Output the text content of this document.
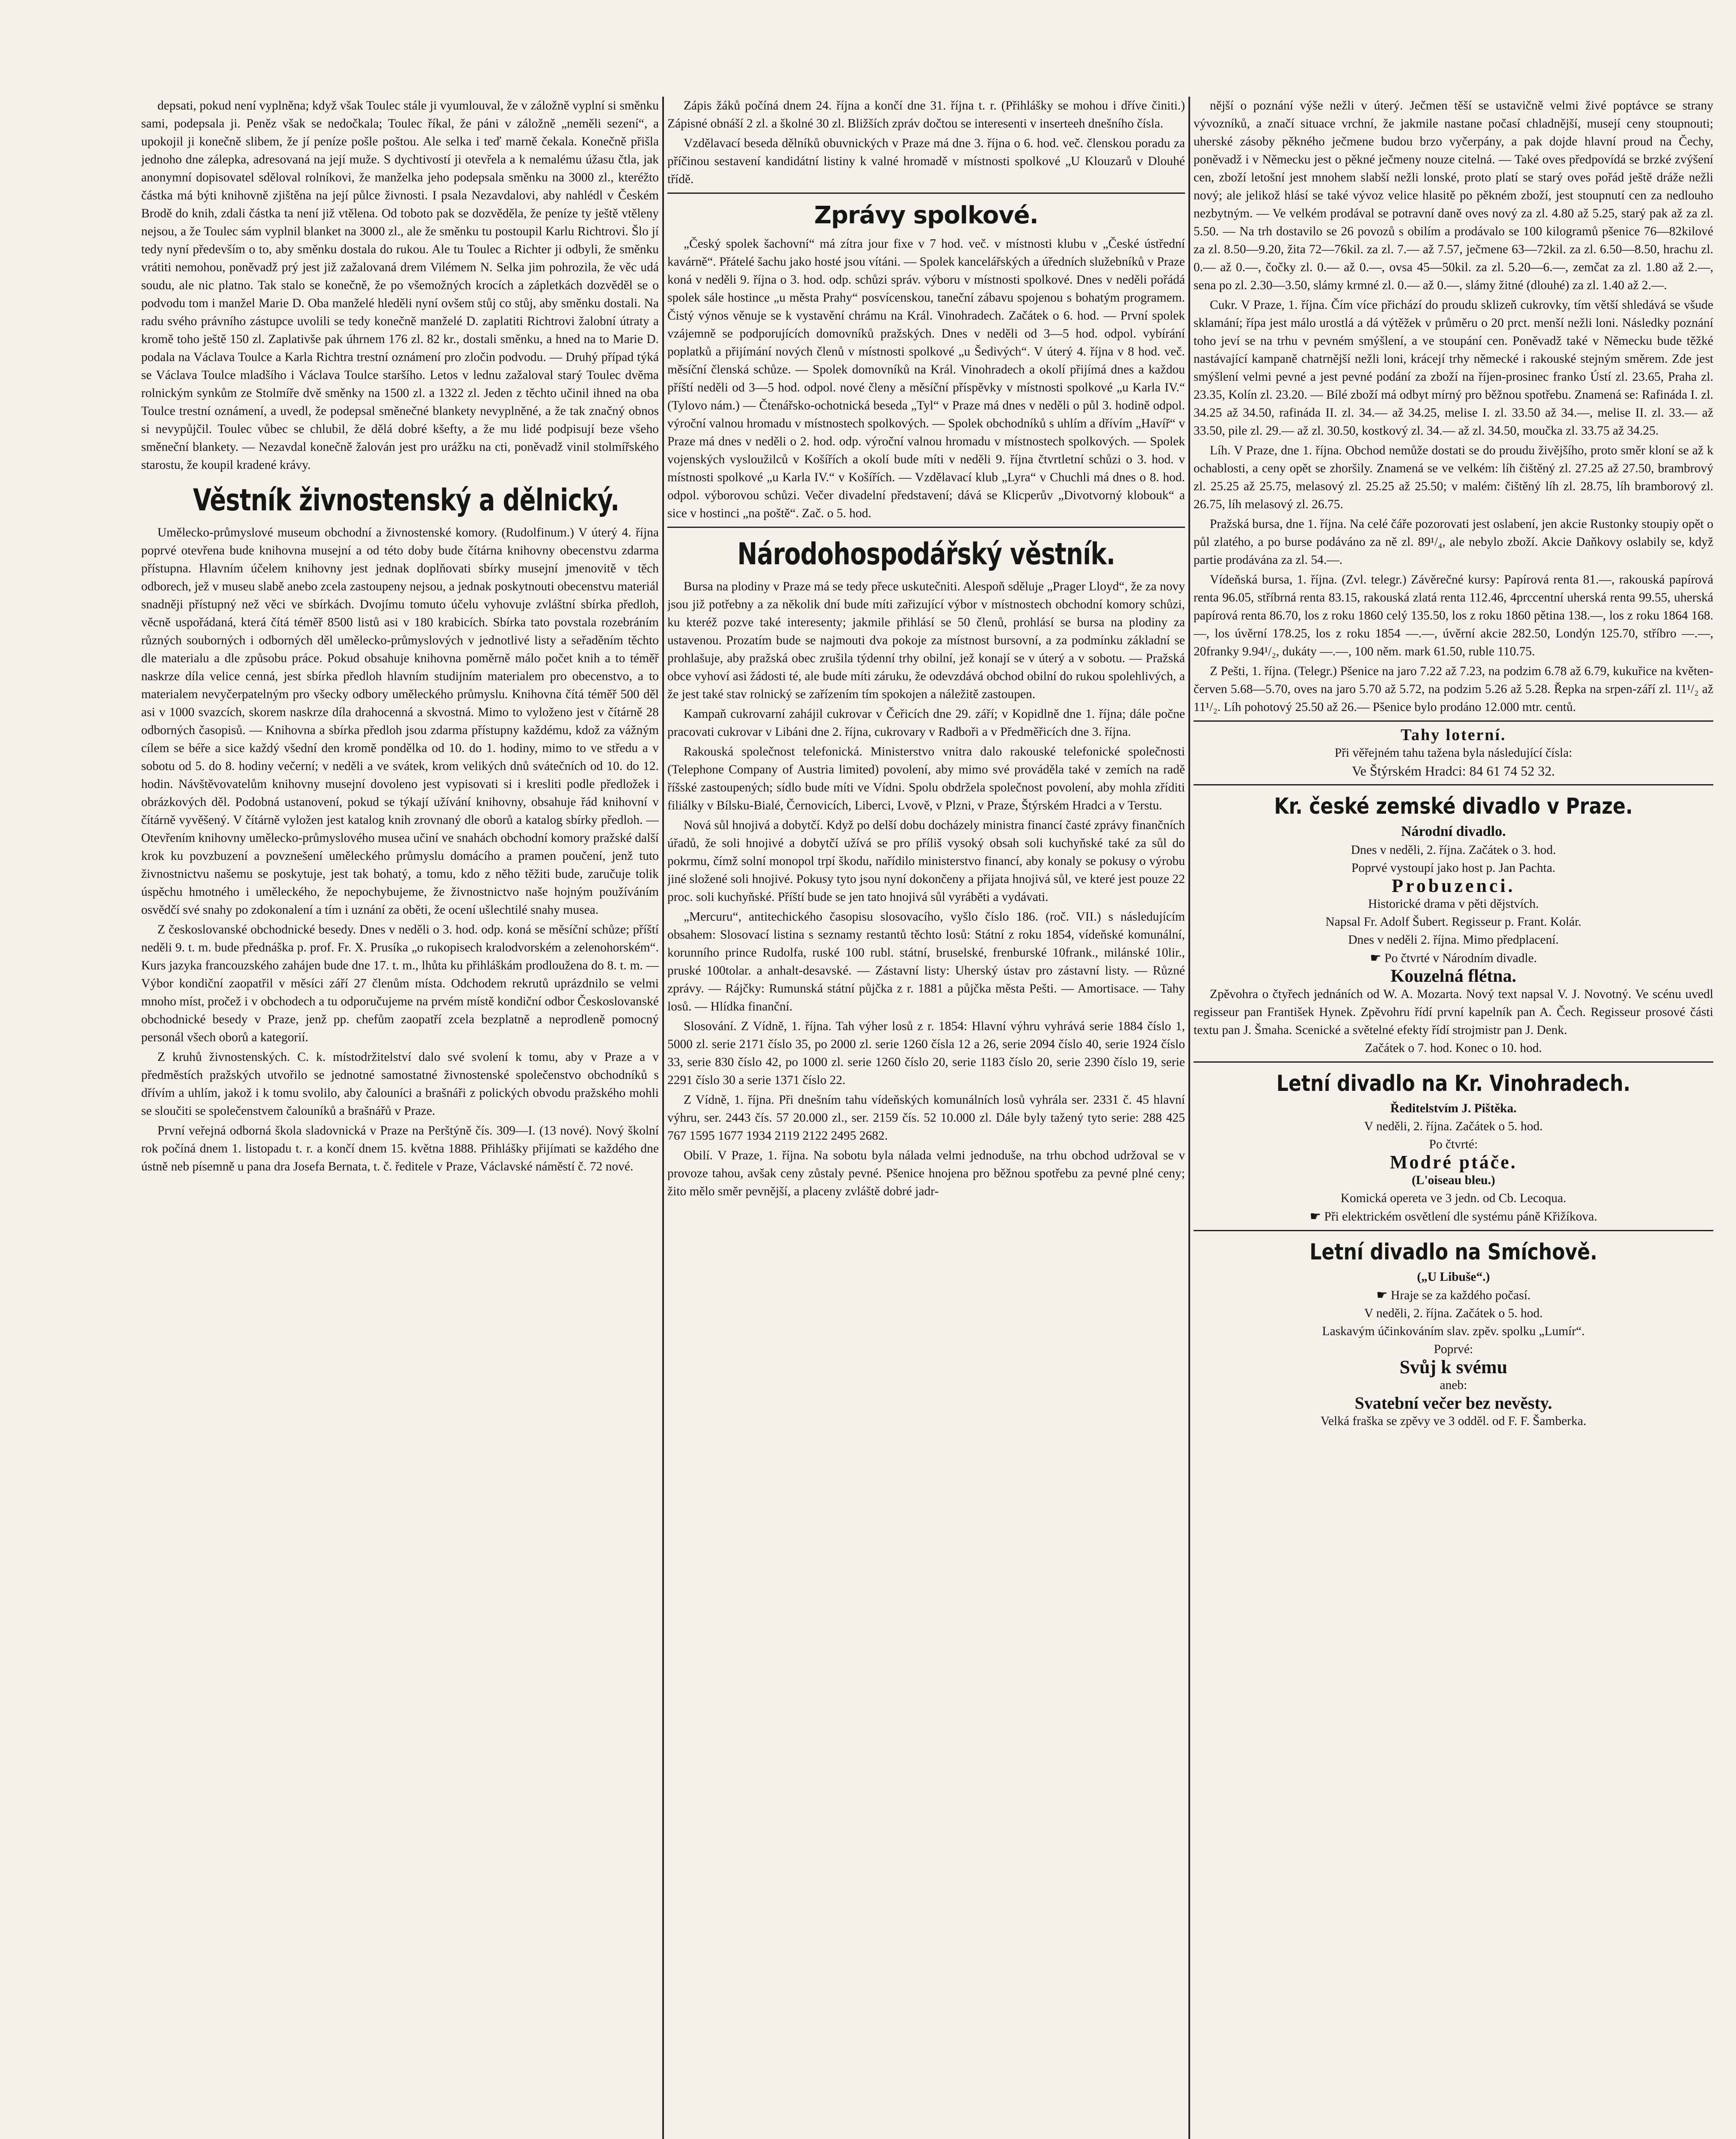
depsati, pokud není vyplněna; když však Toulec stále ji vyumlouval, že v záložně vyplní si směnku sami, podepsala ji. Peněz však se nedočkala; Toulec říkal, že páni v záložně „neměli sezení“, a upokojil ji konečně slibem, že jí peníze pošle poštou. Ale selka i teď marně čekala. Konečně přišla jednoho dne zálepka, adresovaná na její muže. S dychtivostí ji otevřela a k nemalému úžasu čtla, jak anonymní dopisovatel sděloval rolníkovi, že manželka jeho podepsala směnku na 3000 zl., kteréžto částka má býti knihovně zjištěna na její půlce živnosti. I psala Nezavdalovi, aby nahlédl v Českém Brodě do knih, zdali částka ta není již vtělena. Od toboto pak se dozvěděla, že peníze ty ještě vtěleny nejsou, a že Toulec sám vyplnil blanket na 3000 zl., ale že směnku tu postoupil Karlu Richtrovi. Šlo jí tedy nyní především o to, aby směnku dostala do rukou. Ale tu Toulec a Richter ji odbyli, že směnku vrátiti nemohou, poněvadž prý jest již zažalovaná drem Vilémem N. Selka jim pohrozila, že věc udá soudu, ale nic platno. Tak stalo se konečně, že po všemožných krocích a zápletkách dozvěděl se o podvodu tom i manžel Marie D. Oba manželé hleděli nyní ovšem stůj co stůj, aby směnku dostali. Na radu svého právního zástupce uvolili se tedy konečně manželé D. zaplatiti Richtrovi žalobní útraty a kromě toho ještě 150 zl. Zaplativše pak úhrnem 176 zl. 82 kr., dostali směnku, a hned na to Marie D. podala na Václava Toulce a Karla Richtra trestní oznámení pro zločin podvodu. — Druhý případ týká se Václava Toulce mladšího i Václava Toulce staršího. Letos v lednu zažaloval starý Toulec dvěma rolnickým synkům ze Stolmíře dvě směnky na 1500 zl. a 1322 zl. Jeden z těchto učinil ihned na oba Toulce trestní oznámení, a uvedl, že podepsal směnečné blankety nevyplněné, a že tak značný obnos si nevypůjčil. Toulec vůbec se chlubil, že dělá dobré kšefty, a že mu lidé podpisují beze všeho směneční blankety. — Nezavdal konečně žalován jest pro urážku na cti, poněvadž vinil stolmířského starostu, že koupil kradené krávy.

Věstník živnostenský a dělnický.

Umělecko-průmyslové museum obchodní a živnostenské komory. (Rudolfinum.) V úterý 4. října poprvé otevřena bude knihovna musejní a od této doby bude čítárna knihovny obecenstvu zdarma přístupna. Hlavním účelem knihovny jest jednak doplňovati sbírky musejní jmenovitě v těch odborech, jež v museu slabě anebo zcela zastoupeny nejsou, a jednak poskytnouti obecenstvu materiál snadněji přístupný než věci ve sbírkách. Dvojímu tomuto účelu vyhovuje zvláštní sbírka předloh, věcně uspořádaná, která čítá téměř 8500 listů asi v 180 krabicích. Sbírka tato povstala rozebráním různých souborných i odborných děl umělecko-průmyslových v jednotlivé listy a seřaděním těchto dle materialu a dle způsobu práce. Pokud obsahuje knihovna poměrně málo počet knih a to téměř naskrze díla velice cenná, jest sbírka předloh hlavním studijním materialem pro obecenstvo, a to materialem nevyčerpatelným pro všecky odbory uměleckého průmyslu. Knihovna čítá téměř 500 děl asi v 1000 svazcích, skorem naskrze díla drahocenná a skvostná. Mimo to vyloženo jest v čítárně 28 odborných časopisů. — Knihovna a sbírka předloh jsou zdarma přístupny každému, kdož za vážným cílem se béře a sice každý všední den kromě pondělka od 10. do 1. hodiny, mimo to ve středu a v sobotu od 5. do 8. hodiny večerní; v neděli a ve svátek, krom velikých dnů svátečních od 10. do 12. hodin. Návštěvovatelům knihovny musejní dovoleno jest vypisovati si i kresliti podle předložek i obrázkových děl. Podobná ustanovení, pokud se týkají užívání knihovny, obsahuje řád knihovní v čítárně vyvěšený. V čítárně vyložen jest katalog knih zrovnaný dle oborů a katalog sbírky předloh. — Otevřením knihovny umělecko-průmyslového musea učiní ve snahách obchodní komory pražské další krok ku povzbuzení a povznešení uměleckého průmyslu domácího a pramen poučení, jenž tuto živnostnictvu našemu se poskytuje, jest tak bohatý, a tomu, kdo z něho těžiti bude, zaručuje tolik úspěchu hmotného i uměleckého, že nepochybujeme, že živnostnictvo naše hojným používáním osvědčí své snahy po zdokonalení a tím i uznání za oběti, že ocení ušlechtilé snahy musea.

Z českoslovanské obchodnické besedy. Dnes v neděli o 3. hod. odp. koná se měsíční schůze; příští neděli 9. t. m. bude přednáška p. prof. Fr. X. Prusíka „o rukopisech kralodvorském a zelenohorském“. Kurs jazyka francouzského zahájen bude dne 17. t. m., lhůta ku přihláškám prodloužena do 8. t. m. — Výbor kondiční zaopatřil v měsíci září 27 členům místa. Odchodem rekrutů uprázdnilo se velmi mnoho míst, pročež i v obchodech a tu odporučujeme na prvém místě kondiční odbor Českoslovanské obchodnické besedy v Praze, jenž pp. chefům zaopatří zcela bezplatně a neprodleně pomocný personál všech oborů a kategorií.

Z kruhů živnostenských. C. k. místodržitelství dalo své svolení k tomu, aby v Praze a v předměstích pražských utvořilo se jednotné samostatné živnostenské společenstvo obchodníků s dřívím a uhlím, jakož i k tomu svolilo, aby čalouníci a brašnáři z polických obvodu pražského mohli se sloučiti se společenstvem čalouníků a brašnářů v Praze.

První veřejná odborná škola sladovnická v Praze na Perštýně čís. 309—I. (13 nové). Nový školní rok počíná dnem 1. listopadu t. r. a končí dnem 15. května 1888. Přihlášky přijímati se každého dne ústně neb písemně u pana dra Josefa Bernata, t. č. ředitele v Praze, Václavské náměstí č. 72 nové.

Zápis žáků počíná dnem 24. října a končí dne 31. října t. r. (Přihlášky se mohou i dříve činiti.) Zápisné obnáší 2 zl. a školné 30 zl. Bližších zpráv dočtou se interesenti v inserteeh dnešního čísla.

Vzdělavací beseda dělníků obuvnických v Praze má dne 3. října o 6. hod. več. členskou poradu za příčinou sestavení kandidátní listiny k valné hromadě v místnosti spolkové „U Klouzarů v Dlouhé třídě.

Zprávy spolkové.

„Český spolek šachovní“ má zítra jour fixe v 7 hod. več. v místnosti klubu v „České ústřední kavárně“. Přátelé šachu jako hosté jsou vítáni. — Spolek kancelářských a úředních služebníků v Praze koná v neděli 9. října o 3. hod. odp. schůzi správ. výboru v místnosti spolkové. Dnes v neděli pořádá spolek sále hostince „u města Prahy“ posvícenskou, taneční zábavu spojenou s bohatým programem. Čistý výnos věnuje se k vystavění chrámu na Král. Vinohradech. Začátek o 6. hod. — První spolek vzájemně se podporujících domovníků pražských. Dnes v neděli od 3—5 hod. odpol. vybírání poplatků a přijímání nových členů v místnosti spolkové „u Šedivých“. V úterý 4. října v 8 hod. več. měsíční členská schůze. — Spolek domovníků na Král. Vinohradech a okolí přijímá dnes a každou příští neděli od 3—5 hod. odpol. nové členy a měsíční příspěvky v místnosti spolkové „u Karla IV.“ (Tylovo nám.) — Čtenářsko-ochotnická beseda „Tyl“ v Praze má dnes v neděli o půl 3. hodině odpol. výroční valnou hromadu v místnostech spolkových. — Spolek obchodníků s uhlím a dřívím „Havíř“ v Praze má dnes v neděli o 2. hod. odp. výroční valnou hromadu v místnostech spolkových. — Spolek vojenských vysloužilců v Košířích a okolí bude míti v neděli 9. října čtvrtletní schůzi o 3. hod. v místnosti spolkové „u Karla IV.“ v Košířích. — Vzdělavací klub „Lyra“ v Chuchli má dnes o 8. hod. odpol. výborovou schůzi. Večer divadelní představení; dává se Klicperův „Divotvorný klobouk“ a sice v hostinci „na poště“. Zač. o 5. hod.

Národohospodářský věstník.

Bursa na plodiny v Praze má se tedy přece uskutečniti. Alespoň sděluje „Prager Lloyd“, že za novy jsou již potřebny a za několik dní bude míti zařizující výbor v místnostech obchodní komory schůzi, ku kteréž pozve také interesenty; jakmile přihlásí se 50 členů, prohlásí se bursa na plodiny za ustavenou. Prozatím bude se najmouti dva pokoje za místnost bursovní, a za podmínku základní se prohlašuje, aby pražská obec zrušila týdenní trhy obilní, jež konají se v úterý a v sobotu. — Pražská obce vyhoví asi žádosti té, ale bude míti záruku, že odevzdává obchod obilní do rukou spolehlivých, a že jest také stav rolnický se zařízením tím spokojen a náležitě zastoupen.

Kampaň cukrovarní zahájil cukrovar v Čeřicích dne 29. září; v Kopidlně dne 1. října; dále počne pracovati cukrovar v Libáni dne 2. října, cukrovary v Radboři a v Předměřicích dne 3. října.

Rakouská společnost telefonická. Ministerstvo vnitra dalo rakouské telefonické společnosti (Telephone Company of Austria limited) povolení, aby mimo své prováděla také v zemích na radě říšské zastoupených; sídlo bude míti ve Vídni. Spolu obdržela společnost povolení, aby mohla zříditi filiálky v Bílsku-Bialé, Černovicích, Liberci, Lvově, v Plzni, v Praze, Štýrském Hradci a v Terstu.

Nová sůl hnojivá a dobytčí. Když po delší dobu docházely ministra financí časté zprávy finančních úřadů, že soli hnojivé a dobytčí užívá se pro příliš vysoký obsah soli kuchyňské také za sůl do pokrmu, čímž solní monopol trpí škodu, nařídilo ministerstvo financí, aby konaly se pokusy o výrobu jiné složené soli hnojivé. Pokusy tyto jsou nyní dokončeny a přijata hnojivá sůl, ve které jest pouze 22 proc. soli kuchyňské. Příští bude se jen tato hnojivá sůl vyráběti a vydávati.

„Mercuru“, antitechického časopisu slosovacího, vyšlo číslo 186. (roč. VII.) s následujícím obsahem: Slosovací listina s seznamy restantů těchto losů: Státní z roku 1854, vídeňské komunální, korunního prince Rudolfa, ruské 100 rubl. státní, bruselské, frenburské 10frank., milánské 10lir., pruské 100tolar. a anhalt-desavské. — Zástavní listy: Uherský ústav pro zástavní listy. — Různé zprávy. — Rájčky: Rumunská státní půjčka z r. 1881 a půjčka města Pešti. — Amortisace. — Tahy losů. — Hlídka finanční.

Slosování. Z Vídně, 1. října. Tah výher losů z r. 1854: Hlavní výhru vyhrává serie 1884 číslo 1, 5000 zl. serie 2171 číslo 35, po 2000 zl. serie 1260 čísla 12 a 26, serie 2094 číslo 40, serie 1924 číslo 33, serie 830 číslo 42, po 1000 zl. serie 1260 číslo 20, serie 1183 číslo 20, serie 2390 číslo 19, serie 2291 číslo 30 a serie 1371 číslo 22.

Z Vídně, 1. října. Při dnešním tahu vídeňských komunálních losů vyhrála ser. 2331 č. 45 hlavní výhru, ser. 2443 čís. 57 20.000 zl., ser. 2159 čís. 52 10.000 zl. Dále byly tažený tyto serie: 288 425 767 1595 1677 1934 2119 2122 2495 2682.

Obilí. V Praze, 1. října. Na sobotu byla nálada velmi jednoduše, na trhu obchod udržoval se v provoze tahou, avšak ceny zůstaly pevné. Pšenice hnojena pro běžnou spotřebu za pevné plné ceny; žito mělo směr pevnější, a placeny zvláště dobré jadr-

nější o poznání výše nežli v úterý. Ječmen těší se ustavičně velmi živé poptávce se strany vývozníků, a značí situace vrchní, že jakmile nastane počasí chladnější, musejí ceny stoupnouti; uherské zásoby pěkného ječmene budou brzo vyčerpány, a pak dojde hlavní proud na Čechy, poněvadž i v Německu jest o pěkné ječmeny nouze citelná. — Také oves předpovídá se brzké zvýšení cen, zboží letošní jest mnohem slabší nežli lonské, proto platí se starý oves pořád ještě dráže nežli nový; ale jelikož hlásí se také vývoz velice hlasitě po pěkném zboží, jest stoupnutí cen za nedlouho nezbytným. — Ve velkém prodával se potravní daně oves nový za zl. 4.80 až 5.25, starý pak až za zl. 5.50. — Na trh dostavilo se 26 povozů s obilím a prodávalo se 100 kilogramů pšenice 76—82kilové za zl. 8.50—9.20, žita 72—76kil. za zl. 7.— až 7.57, ječmene 63—72kil. za zl. 6.50—8.50, hrachu zl. 0.— až 0.—, čočky zl. 0.— až 0.—, ovsa 45—50kil. za zl. 5.20—6.—, zemčat za zl. 1.80 až 2.—, sena po zl. 2.30—3.50, slámy krmné zl. 0.— až 0.—, slámy žitné (dlouhé) za zl. 1.40 až 2.—.

Cukr. V Praze, 1. října. Čím více přichází do proudu sklizeň cukrovky, tím větší shledává se všude sklamání; řípa jest málo urostlá a dá výtěžek v průměru o 20 prct. menší nežli loni. Následky poznání toho jeví se na trhu v pevném smýšlení, a ve stoupání cen. Poněvadž také v Německu bude těžké nastávající kampaně chatrnější nežli loni, krácejí trhy německé i rakouské stejným směrem. Zde jest smýšlení velmi pevné a jest pevné podání za zboží na říjen-prosinec franko Ústí zl. 23.65, Praha zl. 23.35, Kolín zl. 23.20. — Bílé zboží má odbyt mírný pro běžnou spotřebu. Znamená se: Rafináda I. zl. 34.25 až 34.50, rafináda II. zl. 34.— až 34.25, melise I. zl. 33.50 až 34.—, melise II. zl. 33.— až 33.50, pile zl. 29.— až zl. 30.50, kostkový zl. 34.— až zl. 34.50, moučka zl. 33.75 až 34.25.

Líh. V Praze, dne 1. října. Obchod nemůže dostati se do proudu živějšího, proto směr kloní se až k ochablosti, a ceny opět se zhoršily. Znamená se ve velkém: líh čištěný zl. 27.25 až 27.50, brambrový zl. 25.25 až 25.75, melasový zl. 25.25 až 25.50; v malém: čištěný líh zl. 28.75, líh bramborový zl. 26.75, líh melasový zl. 26.75.

Pražská bursa, dne 1. října. Na celé čáře pozorovati jest oslabení, jen akcie Rustonky stoupiy opět o půl zlatého, a po burse podáváno za ně zl. 89¹/₄, ale nebylo zboží. Akcie Daňkovy oslabily se, když partie prodávána za zl. 54.—.

Vídeňská bursa, 1. října. (Zvl. telegr.) Závěrečné kursy: Papírová renta 81.—, rakouská papírová renta 96.05, stříbrná renta 83.15, rakouská zlatá renta 112.46, 4prccentní uherská renta 99.55, uherská papírová renta 86.70, los z roku 1860 celý 135.50, los z roku 1860 pětina 138.—, los z roku 1864 168.—, los úvěrní 178.25, los z roku 1854 —.—, úvěrní akcie 282.50, Londýn 125.70, stříbro —.—, 20franky 9.94¹/₂, dukáty —.—, 100 něm. mark 61.50, ruble 110.75.

Z Pešti, 1. října. (Telegr.) Pšenice na jaro 7.22 až 7.23, na podzim 6.78 až 6.79, kukuřice na květen-červen 5.68—5.70, oves na jaro 5.70 až 5.72, na podzim 5.26 až 5.28. Řepka na srpen-září zl. 11¹/₂ až 11¹/₂. Líh pohotový 25.50 až 26.— Pšenice bylo prodáno 12.000 mtr. centů.

Tahy loterní.
Při věřejném tahu tažena byla následující čísla:
Ve Štýrském Hradci: 84 61 74 52 32.
Kr. české zemské divadlo v Praze.
Národní divadlo.
Dnes v neděli, 2. října. Začátek o 3. hod.
Poprvé vystoupí jako host p. Jan Pachta.
Probuzenci.
Historické drama v pěti dějstvích.
Napsal Fr. Adolf Šubert. Regisseur p. Frant. Kolár.
Dnes v neděli 2. října. Mimo předplacení.
☛ Po čtvrté v Národním divadle.
Kouzelná flétna.

Zpěvohra o čtyřech jednáních od W. A. Mozarta. Nový text napsal V. J. Novotný. Ve scénu uvedl regisseur pan František Hynek. Zpěvohru řídí první kapelník pan A. Čech. Regisseur prosové části textu pan J. Šmaha. Scenické a světelné efekty řídí strojmistr pan J. Denk.

Začátek o 7. hod. Konec o 10. hod.
Letní divadlo na Kr. Vinohradech.
Ředitelstvím J. Pištěka.
V neděli, 2. října. Začátek o 5. hod.
Po čtvrté:
Modré ptáče.
(L'oiseau bleu.)
Komická opereta ve 3 jedn. od Cb. Lecoqua.
☛ Při elektrickém osvětlení dle systému páně Křižíkova.
Letní divadlo na Smíchově.
(„U Libuše“.)
☛ Hraje se za každého počasí.
V neděli, 2. října. Začátek o 5. hod.
Laskavým účinkováním slav. zpěv. spolku „Lumír“.
Poprvé:
Svůj k svému
aneb:
Svatební večer bez nevěsty.
Velká fraška se zpěvy ve 3 odděl. od F. F. Šamberka.
